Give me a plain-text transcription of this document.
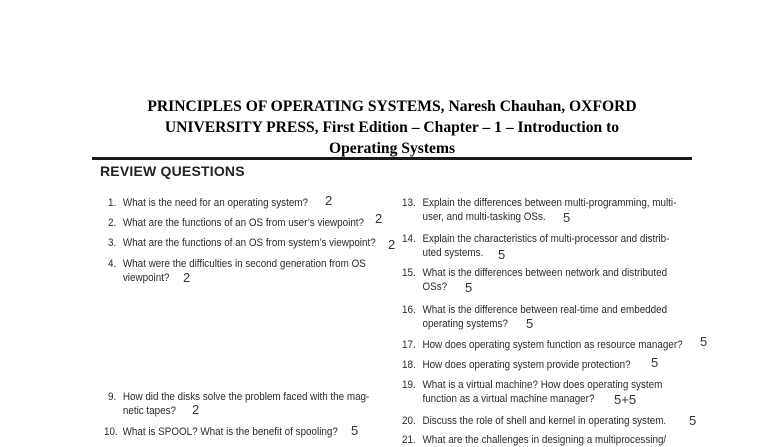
PRINCIPLES OF OPERATING SYSTEMS, Naresh Chauhan, OXFORD
UNIVERSITY PRESS, First Edition – Chapter – 1 – Introduction to
Operating Systems
REVIEW QUESTIONS
1. What is the need for an operating system?
2. What are the functions of an OS from user’s viewpoint?
3. What are the functions of an OS from system’s viewpoint?
4. What were the difficulties in second generation from OS
viewpoint?
9. How did the disks solve the problem faced with the mag-
netic tapes?
10. What is SPOOL? What is the benefit of spooling?
13. Explain the differences between multi-programming, multi-
user, and multi-tasking OSs.
14. Explain the characteristics of multi-processor and distrib-
uted systems.
15. What is the differences between network and distributed
OSs?
16. What is the difference between real-time and embedded
operating systems?
17. How does operating system function as resource manager?
18. How does operating system provide protection?
19. What is a virtual machine? How does operating system
function as a virtual machine manager?
20. Discuss the role of shell and kernel in operating system.
21. What are the challenges in designing a multiprocessing/
2
2
2
2
2
5
5
5
5
5
5
5
5+5
5
